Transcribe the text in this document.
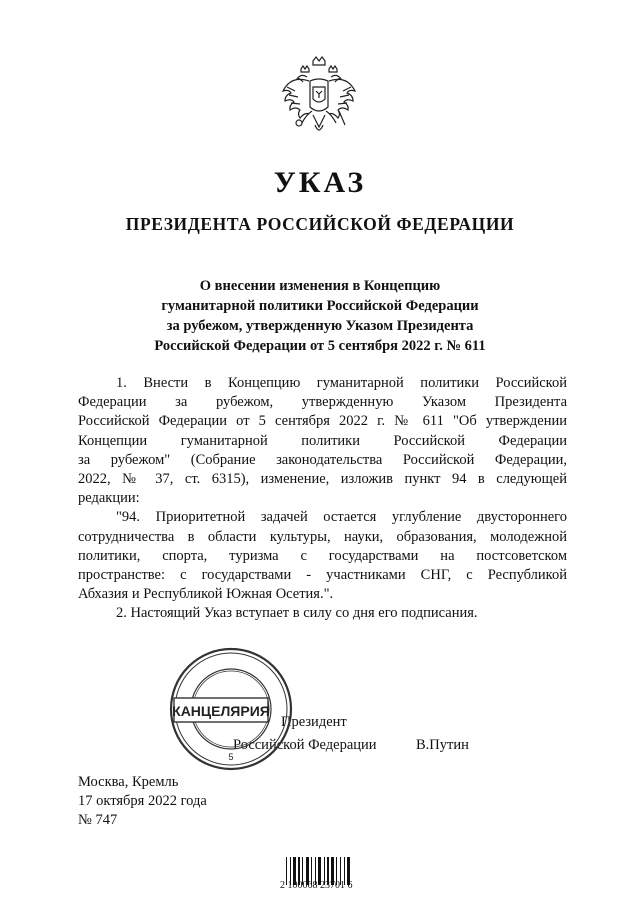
УКАЗ
ПРЕЗИДЕНТА РОССИЙСКОЙ ФЕДЕРАЦИИ
О внесении изменения в Концепцию
гуманитарной политики Российской Федерации
за рубежом, утвержденную Указом Президента
Российской Федерации от 5 сентября 2022 г. № 611
1. Внести в Концепцию гуманитарной политики Российской
Федерации за рубежом, утвержденную Указом Президента
Российской Федерации от 5 сентября 2022 г. № 611 "Об утверждении
Концепции гуманитарной политики Российской Федерации
за рубежом" (Собрание законодательства Российской Федерации,
2022, № 37, ст. 6315), изменение, изложив пункт 94 в следующей
редакции:
"94. Приоритетной задачей остается углубление двустороннего
сотрудничества в области культуры, науки, образования, молодежной
политики, спорта, туризма с государствами на постсоветском
пространстве: с государствами - участниками СНГ, с Республикой
Абхазия и Республикой Южная Осетия.".
2. Настоящий Указ вступает в силу со дня его подписания.
Президент
Российской Федерации	В.Путин
КАНЦЕЛЯРИЯ
5
Москва, Кремль
17 октября 2022 года
№ 747
2 100068 23701 6
